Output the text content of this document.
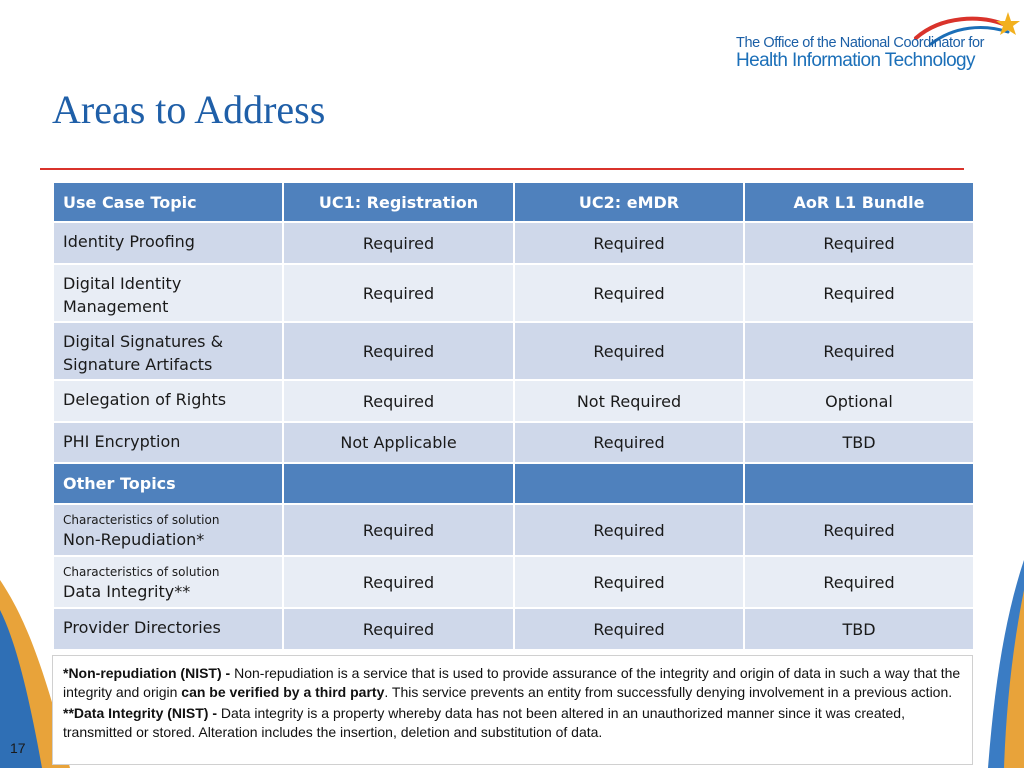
The Office of the National Coordinator for
Health Information Technology
Areas to Address
Use Case Topic	UC1: Registration	UC2: eMDR	AoR L1 Bundle
Identity Proofing	Required	Required	Required
Digital Identity Management	Required	Required	Required
Digital Signatures & Signature Artifacts	Required	Required	Required
Delegation of Rights	Required	Not Required	Optional
PHI Encryption	Not Applicable	Required	TBD
Other Topics			

Characteristics of solution
Non-Repudiation*	Required	Required	Required

Characteristics of solution
Data Integrity**	Required	Required	Required
Provider Directories	Required	Required	TBD

*Non-repudiation (NIST) - Non-repudiation is a service that is used to provide assurance of the integrity and origin of data in such a way that the integrity and origin can be verified by a third party. This service prevents an entity from successfully denying involvement in a previous action.

**Data Integrity (NIST) - Data integrity is a property whereby data has not been altered in an unauthorized manner since it was created, transmitted or stored. Alteration includes the insertion, deletion and substitution of data.

17
